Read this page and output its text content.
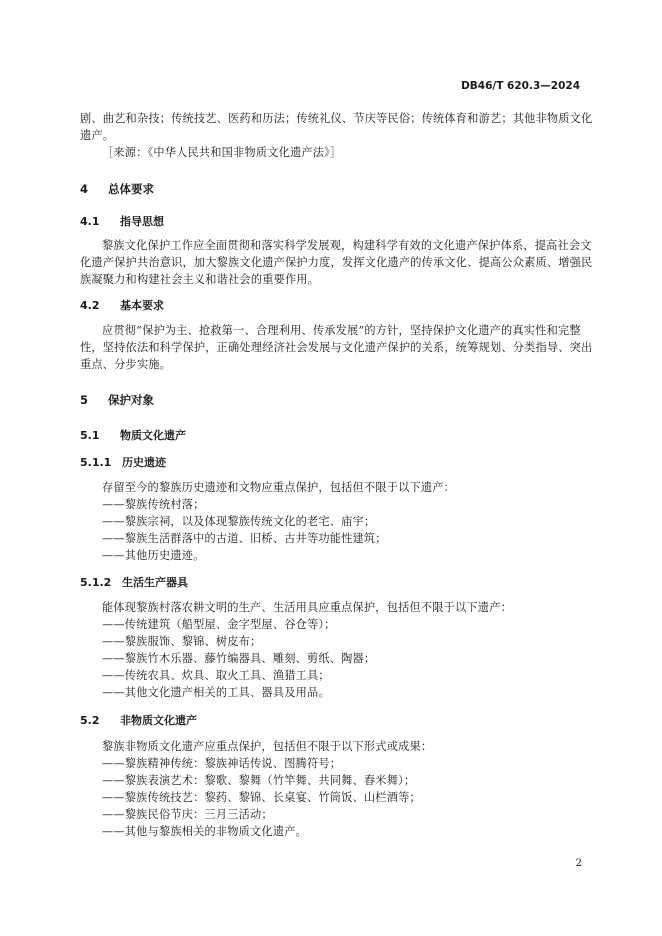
DB46/T 620.3—2024
剧、曲艺和杂技；传统技艺、医药和历法；传统礼仪、节庆等民俗；传统体育和游艺；其他非物质文化
遗产。
［来源：《中华人民共和国非物质文化遗产法》］
4 总体要求
4.1 指导思想
黎族文化保护工作应全面贯彻和落实科学发展观，构建科学有效的文化遗产保护体系，提高社会文
化遗产保护共治意识，加大黎族文化遗产保护力度，发挥文化遗产的传承文化、提高公众素质、增强民
族凝聚力和构建社会主义和谐社会的重要作用。
4.2 基本要求
应贯彻“保护为主、抢救第一、合理利用、传承发展”的方针，坚持保护文化遗产的真实性和完整
性，坚持依法和科学保护，正确处理经济社会发展与文化遗产保护的关系，统筹规划、分类指导、突出
重点、分步实施。
5 保护对象
5.1 物质文化遗产
5.1.1 历史遗迹
存留至今的黎族历史遗迹和文物应重点保护，包括但不限于以下遗产：
——黎族传统村落；
——黎族宗祠，以及体现黎族传统文化的老宅、庙宇；
——黎族生活群落中的古道、旧桥、古井等功能性建筑；
——其他历史遗迹。
5.1.2 生活生产器具
能体现黎族村落农耕文明的生产、生活用具应重点保护，包括但不限于以下遗产：
——传统建筑（船型屋、金字型屋、谷仓等）；
——黎族服饰、黎锦、树皮布；
——黎族竹木乐器、藤竹编器具、雕刻、剪纸、陶器；
——传统农具、炊具、取火工具、渔猎工具；
——其他文化遗产相关的工具、器具及用品。
5.2 非物质文化遗产
黎族非物质文化遗产应重点保护，包括但不限于以下形式或成果：
——黎族精神传统：黎族神话传说、图腾符号；
——黎族表演艺术：黎歌、黎舞（竹竿舞、共同舞、舂米舞）；
——黎族传统技艺：黎药、黎锦、长桌宴、竹筒饭、山栏酒等；
——黎族民俗节庆：三月三活动；
——其他与黎族相关的非物质文化遗产。
2
